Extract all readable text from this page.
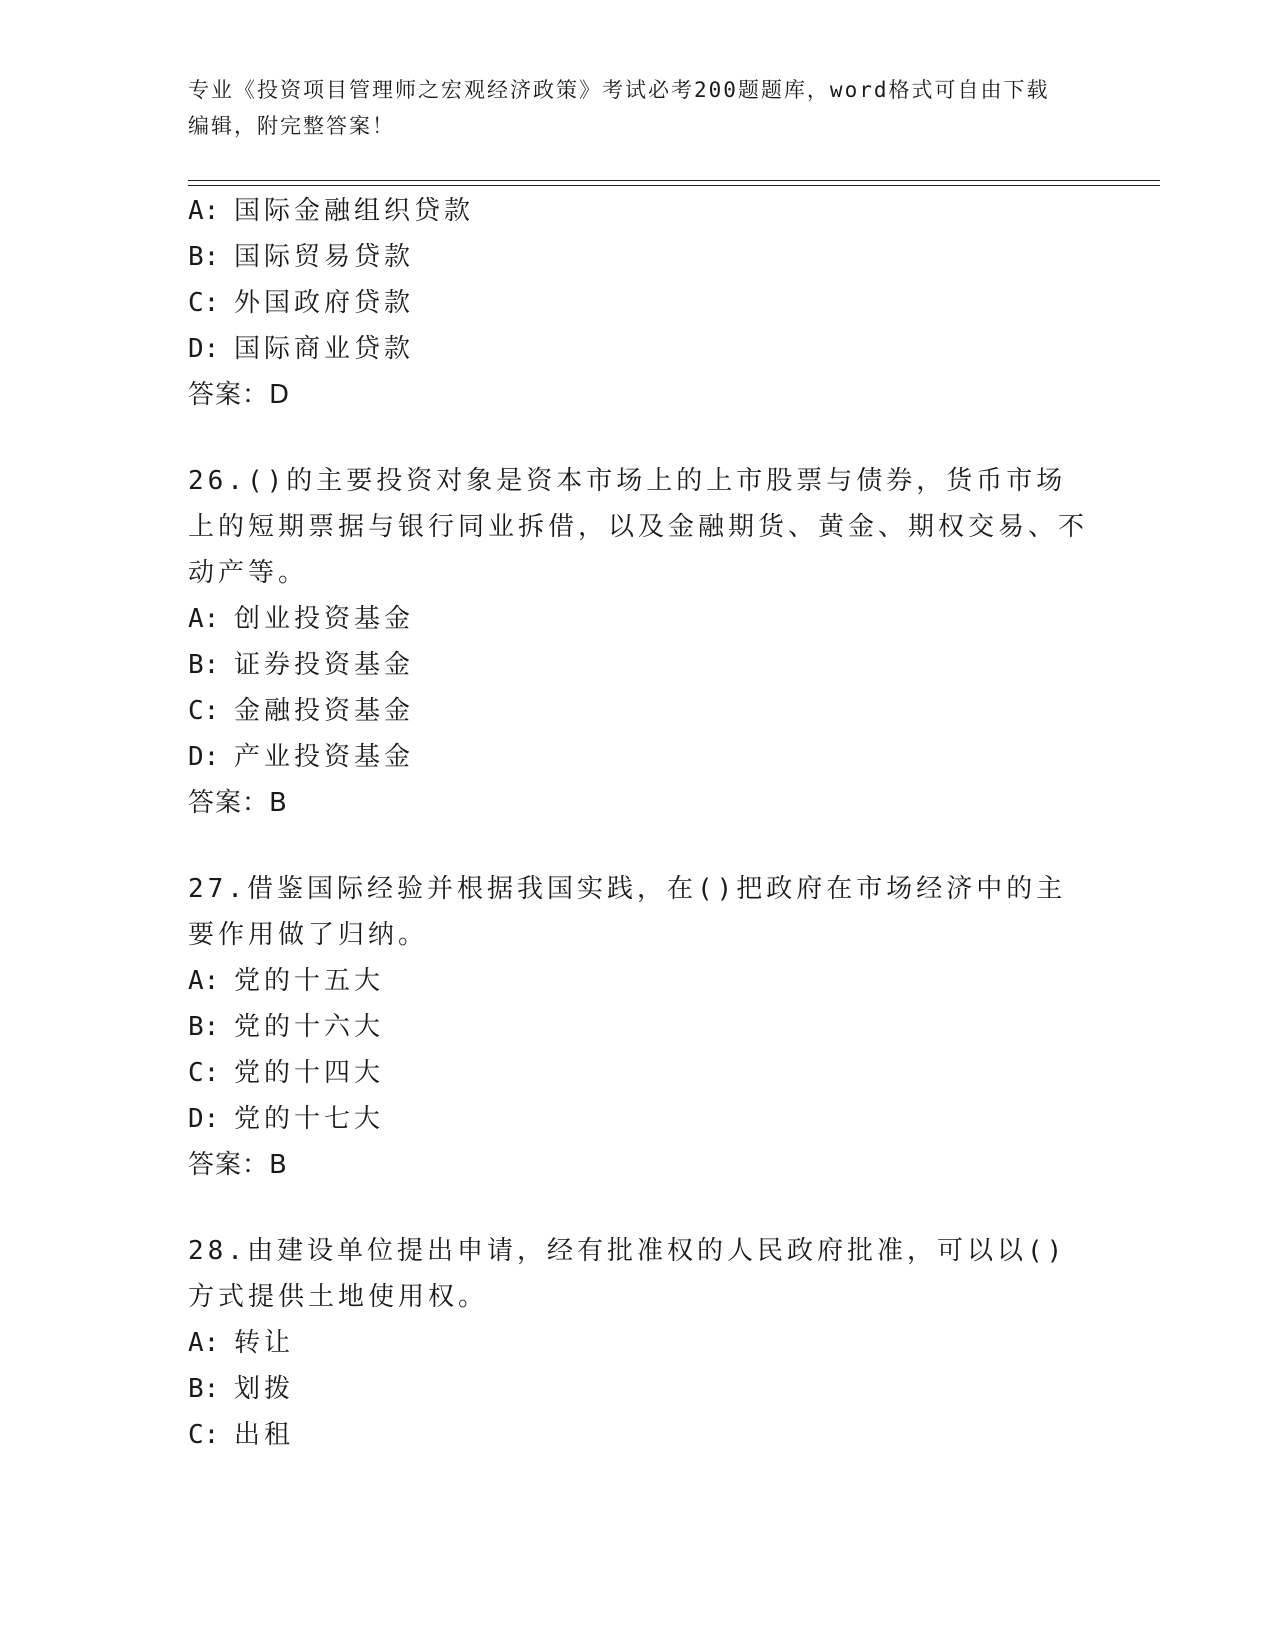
专业《投资项目管理师之宏观经济政策》考试必考200题题库，word格式可自由下载编辑，附完整答案！

A: 国际金融组织贷款
B: 国际贸易贷款
C: 外国政府贷款
D: 国际商业贷款
答案：D
26.()的主要投资对象是资本市场上的上市股票与债券，货币市场上的短期票据与银行同业拆借，以及金融期货、黄金、期权交易、不动产等。
A: 创业投资基金
B: 证券投资基金
C: 金融投资基金
D: 产业投资基金
答案：B
27.借鉴国际经验并根据我国实践，在()把政府在市场经济中的主要作用做了归纳。
A: 党的十五大
B: 党的十六大
C: 党的十四大
D: 党的十七大
答案：B
28.由建设单位提出申请，经有批准权的人民政府批准，可以以()方式提供土地使用权。
A: 转让
B: 划拨
C: 出租
